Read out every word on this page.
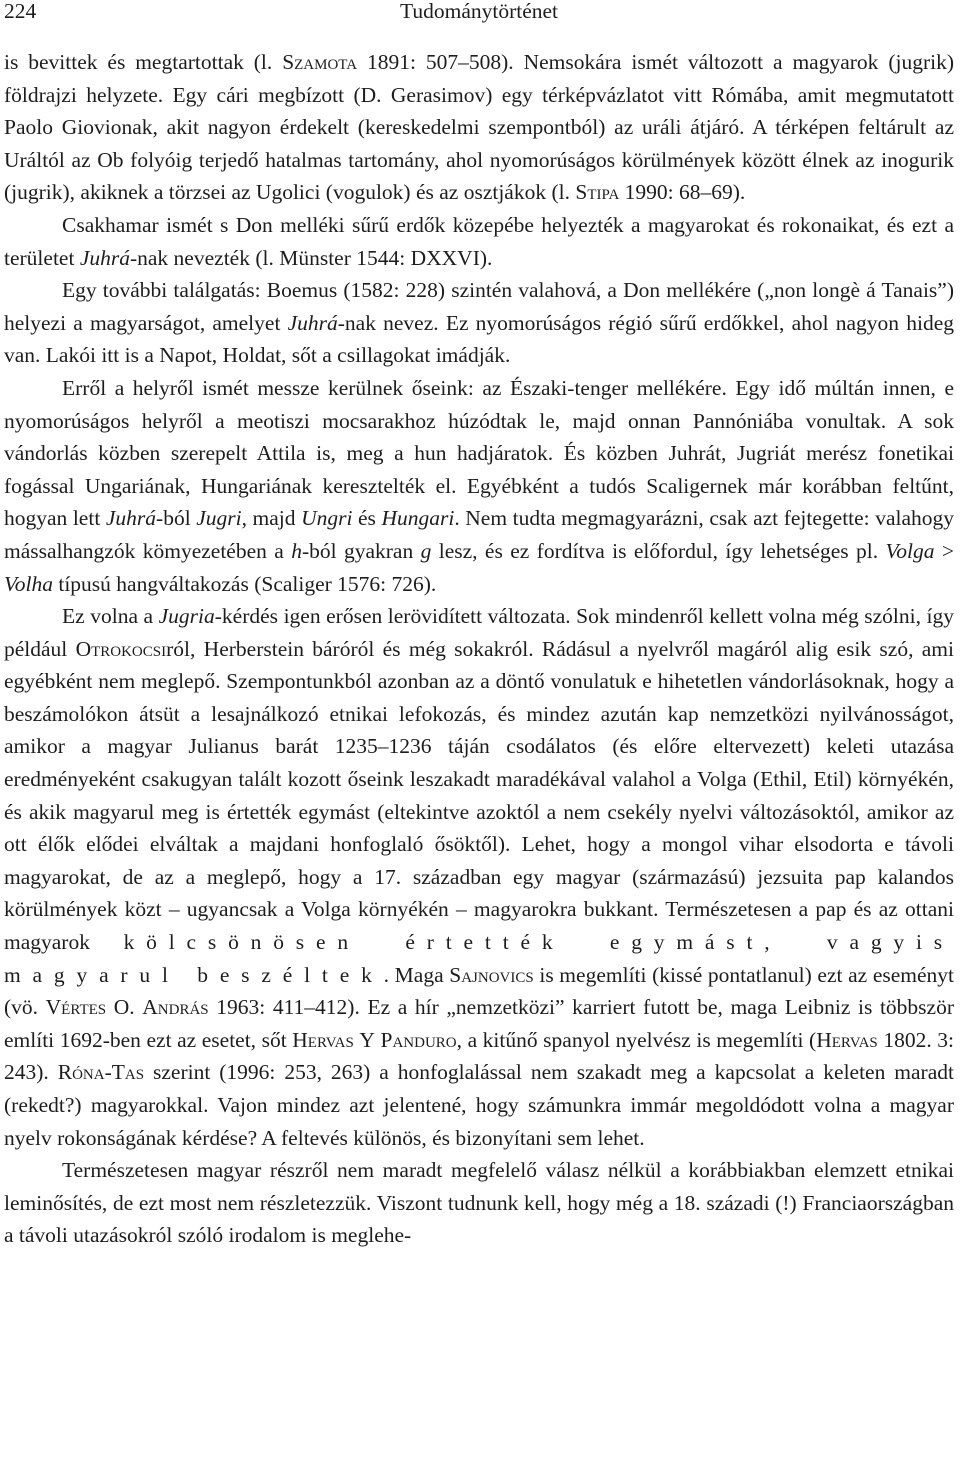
224	Tudománytörténet

is bevittek és megtartottak (l. Szamota 1891: 507–508). Nemsokára ismét változott a magyarok (jugrik) földrajzi helyzete. Egy cári megbízott (D. Gerasimov) egy térképvázlatot vitt Rómába, amit megmutatott Paolo Giovionak, akit nagyon érdekelt (kereskedelmi szempontból) az uráli átjáró. A térképen feltárult az Uráltól az Ob folyóig terjedő hatalmas tartomány, ahol nyomorúságos körülmények között élnek az inogurik (jugrik), akiknek a törzsei az Ugolici (vogulok) és az osztjákok (l. Stipa 1990: 68–69).

Csakhamar ismét s Don melléki sűrű erdők közepébe helyezték a magyarokat és rokonaikat, és ezt a területet Juhrá-nak nevezték (l. Münster 1544: DXXVI).

Egy további találgatás: Boemus (1582: 228) szintén valahová, a Don mellékére („non longè á Tanais”) helyezi a magyarságot, amelyet Juhrá-nak nevez. Ez nyomorúságos régió sűrű erdőkkel, ahol nagyon hideg van. Lakói itt is a Napot, Holdat, sőt a csillagokat imádják.

Erről a helyről ismét messze kerülnek őseink: az Északi-tenger mellékére. Egy idő múltán innen, e nyomorúságos helyről a meotiszi mocsarakhoz húzódtak le, majd onnan Pannóniába vonultak. A sok vándorlás közben szerepelt Attila is, meg a hun hadjáratok. És közben Juhrát, Jugriát merész fonetikai fogással Ungariának, Hungariának keresztelték el. Egyébként a tudós Scaligernek már korábban feltűnt, hogyan lett Juhrá-ból Jugri, majd Ungri és Hungari. Nem tudta megmagyarázni, csak azt fejtegette: valahogy mássalhangzók kömyezetében a h-ból gyakran g lesz, és ez fordítva is előfordul, így lehetséges pl. Volga > Volha típusú hangváltakozás (Scaliger 1576: 726).

Ez volna a Jugria-kérdés igen erősen lerövidített változata. Sok mindenről kellett volna még szólni, így például Otrokocsiról, Herberstein báróról és még sokakról. Rádásul a nyelvről magáról alig esik szó, ami egyébként nem meglepő. Szempontunkból azonban az a döntő vonulatuk e hihetetlen vándorlásoknak, hogy a beszámolókon átsüt a lesajnálkozó etnikai lefokozás, és mindez azután kap nemzetközi nyilvánosságot, amikor a magyar Julianus barát 1235–1236 táján csodálatos (és előre eltervezett) keleti utazása eredményeként csakugyan talált kozott őseink leszakadt maradékával valahol a Volga (Ethil, Etil) környékén, és akik magyarul meg is értették egymást (eltekintve azoktól a nem csekély nyelvi változásoktól, amikor az ott élők elődei elváltak a majdani honfoglaló ősöktől). Lehet, hogy a mongol vihar elsodorta e távoli magyarokat, de az a meglepő, hogy a 17. században egy magyar (származású) jezsuita pap kalandos körülmények közt – ugyancsak a Volga környékén – magyarokra bukkant. Természetesen a pap és az ottani magyarok kölcsönösen értették egymást, vagyis magyarul beszéltek. Maga Sajnovics is megemlíti (kissé pontatlanul) ezt az eseményt (vö. Vértes O. András 1963: 411–412). Ez a hír „nemzetközi” karriert futott be, maga Leibniz is többször említi 1692-ben ezt az esetet, sőt Hervas Y Panduro, a kitűnő spanyol nyelvész is megemlíti (Hervas 1802. 3: 243). Róna-Tas szerint (1996: 253, 263) a honfoglalással nem szakadt meg a kapcsolat a keleten maradt (rekedt?) magyarokkal. Vajon mindez azt jelentené, hogy számunkra immár megoldódott volna a magyar nyelv rokonságának kérdése? A feltevés különös, és bizonyítani sem lehet.

Természetesen magyar részről nem maradt megfelelő válasz nélkül a korábbiakban elemzett etnikai leminősítés, de ezt most nem részletezzük. Viszont tudnunk kell, hogy még a 18. századi (!) Franciaországban a távoli utazásokról szóló irodalom is meglehe-
